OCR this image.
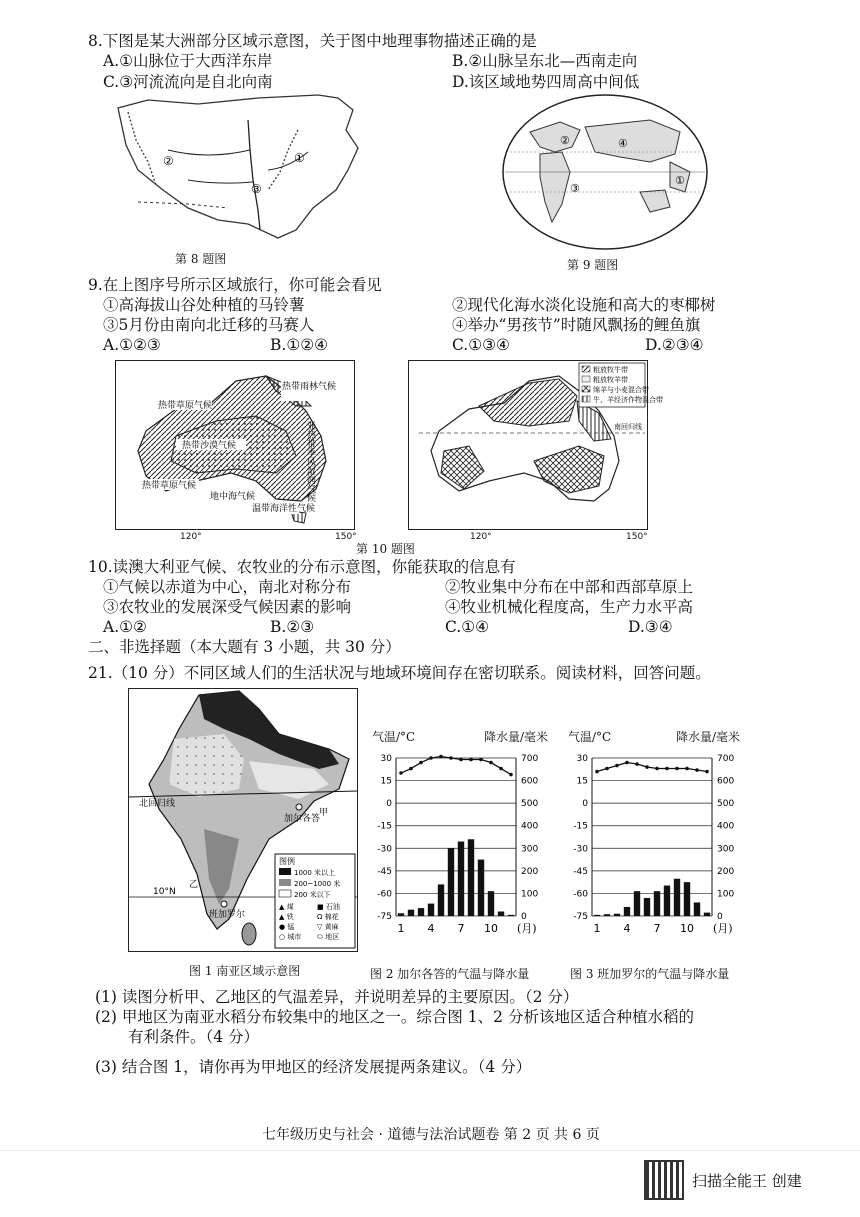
8.下图是某大洲部分区域示意图，关于图中地理事物描述正确的是
A.①山脉位于大西洋东岸	B.②山脉呈东北—西南走向
C.③河流流向是自北向南	D.该区域地势四周高中间低
①
②
③
第 8 题图
②	④
③
①
第 9 题图
9.在上图序号所示区域旅行，你可能会看见
①高海拔山谷处种植的马铃薯	②现代化海水淡化设施和高大的枣椰树
③5月份由南向北迁移的马赛人	④举办“男孩节”时随风飘扬的鲤鱼旗
A.①②③	B.①②④	C.①③④	D.②③④
热带雨林气候
热带草原气候
热带沙漠气候	亚热带季风湿润气候
热带草原气候
地中海气候
温带海洋性气候
120°	150°
粗放牧牛带
粗放牧羊带
绵羊与小麦混合带
牛、羊经济作物混合带
南回归线
120°	150°
第 10 题图
10.读澳大利亚气候、农牧业的分布示意图，你能获取的信息有
①气候以赤道为中心，南北对称分布	②牧业集中分布在中部和西部草原上
③农牧业的发展深受气候因素的影响	④牧业机械化程度高，生产力水平高
A.①②	B.②③	C.①④	D.③④
二、非选择题（本大题有 3 小题，共 30 分）
21.（10 分）不同区域人们的生活状况与地域环境间存在密切联系。阅读材料，回答问题。
北回归线
10°N
甲
乙
加尔各答
班加罗尔
图例
1000 米以上
200~1000 米
200 米以下
▲ 煤	■ 石油
▲ 铁	Ω 棉花
● 锰	▽ 黄麻
○ 城市 ⬭ 地区
图 1 南亚区域示意图
气温/°C	降水量/毫米
30
15
0
-15
-30
-45
-60
-75
700
600
500
400
300
200
100
0
1 4 7 10 (月)
图 2 加尔各答的气温与降水量
气温/°C	降水量/毫米
30
15
0
-15
-30
-45
-60
-75
700
600
500
400
300
200
100
0
1 4 7 10 (月)
图 3 班加罗尔的气温与降水量
(1) 读图分析甲、乙地区的气温差异，并说明差异的主要原因。（2 分）
(2) 甲地区为南亚水稻分布较集中的地区之一。综合图 1、2 分析该地区适合种植水稻的
有利条件。（4 分）
(3) 结合图 1，请你再为甲地区的经济发展提两条建议。（4 分）
七年级历史与社会 · 道德与法治试题卷 第 2 页 共 6 页
扫描全能王 创建
